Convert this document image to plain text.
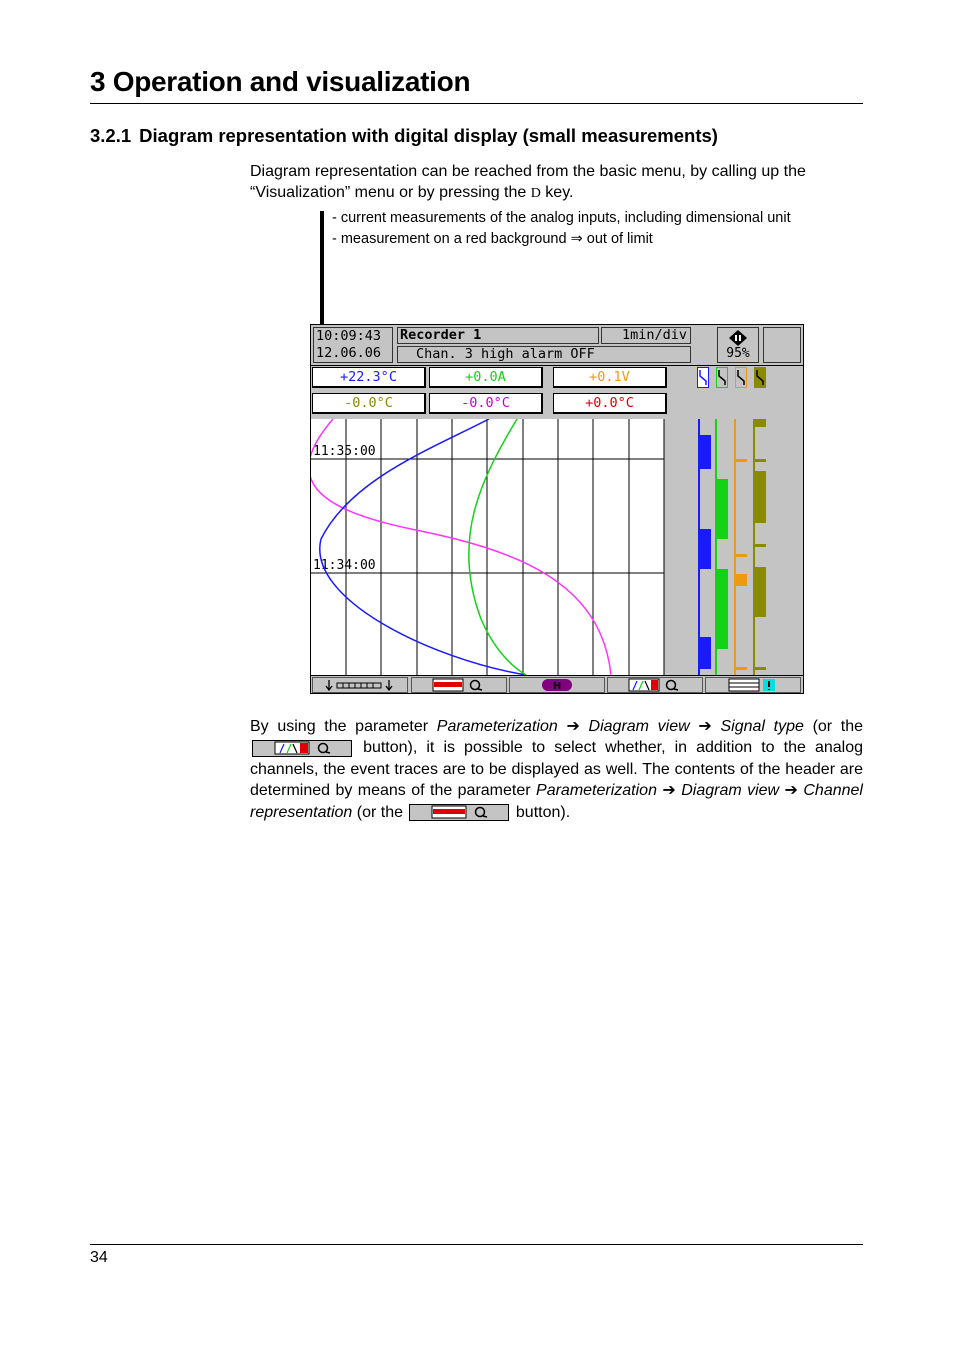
3 Operation and visualization
3.2.1 Diagram representation with digital display (small measurements)
Diagram representation can be reached from the basic menu, by calling up the “Visualization” menu or by pressing the D key.
- current measurements of the analog inputs, including dimensional unit
- measurement on a red background ⇒ out of limit
10:09:43
12.06.06
Recorder 1	1min/div
Chan. 3 high alarm OFF	95%
+22.3°C	+0.0A	+0.1V
-0.0°C	-0.0°C	+0.0°C
11:35:00
11:34:00
H
By using the parameter Parameterization ➔ Diagram view ➔ Signal type (or the
button), it is possible to select whether, in addition to the analog channels, the event traces are to be displayed as well. The contents of the header are determined by means of the parameter Parameterization ➔ Diagram view ➔ Channel representation (or the	button).
34
